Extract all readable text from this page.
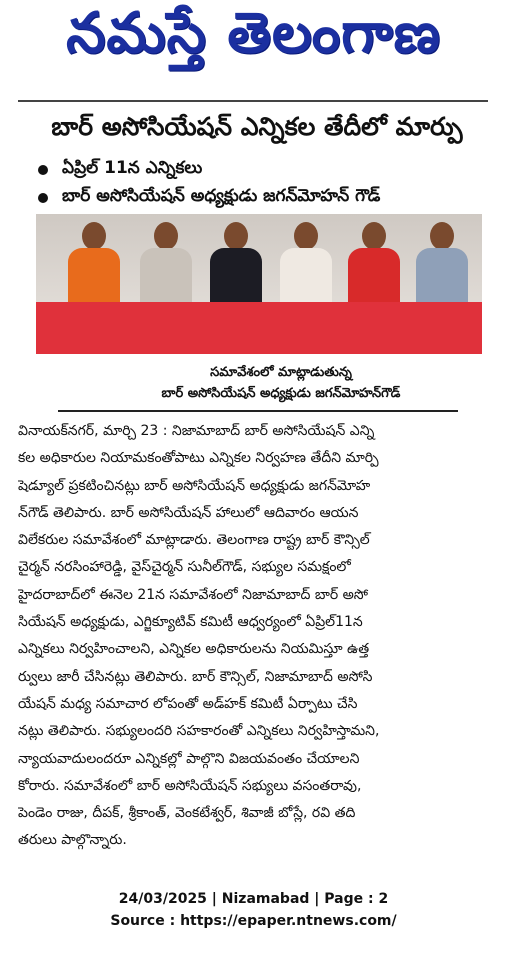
నమస్తే తెలంగాణ
బార్ అసోసియేషన్ ఎన్నికల తేదీలో మార్పు
ఏప్రిల్ 11న ఎన్నికలు
బార్ అసోసియేషన్ అధ్యక్షుడు జగన్‌మోహన్ గౌడ్
సమావేశంలో మాట్లాడుతున్న
బార్ అసోసియేషన్ అధ్యక్షుడు జగన్‌మోహన్‌గౌడ్
వినాయక్‌నగర్, మార్చి 23 : నిజామాబాద్ బార్ అసోసియేషన్ ఎన్ని
కల అధికారుల నియామకంతోపాటు ఎన్నికల నిర్వహణ తేదీని మార్పి
షెడ్యూల్ ప్రకటించినట్లు బార్ అసోసియేషన్ అధ్యక్షుడు జగన్‌మోహ
న్‌గౌడ్ తెలిపారు. బార్ అసోసియేషన్ హాలులో ఆదివారం ఆయన
విలేకరుల సమావేశంలో మాట్లాడారు. తెలంగాణ రాష్ట్ర బార్ కౌన్సిల్
చైర్మన్ నరసింహారెడ్డి, వైస్‌చైర్మన్ సునీల్‌గౌడ్, సభ్యుల సమక్షంలో
హైదరాబాద్‌లో ఈనెల 21న సమావేశంలో నిజామాబాద్ బార్ అసో
సియేషన్ అధ్యక్షుడు, ఎగ్జిక్యూటివ్ కమిటీ ఆధ్వర్యంలో ఏప్రిల్11న
ఎన్నికలు నిర్వహించాలని, ఎన్నికల అధికారులను నియమిస్తూ ఉత్త
ర్వులు జారీ చేసినట్లు తెలిపారు. బార్ కౌన్సిల్, నిజామాబాద్ అసోసి
యేషన్ మధ్య సమాచార లోపంతో అడ్‌హక్ కమిటీ ఏర్పాటు చేసి
నట్లు తెలిపారు. సభ్యులందరి సహకారంతో ఎన్నికలు నిర్వహిస్తామని,
న్యాయవాదులందరూ ఎన్నికల్లో పాల్గొని విజయవంతం చేయాలని
కోరారు. సమావేశంలో బార్ అసోసియేషన్ సభ్యులు వసంతరావు,
పెండెం రాజు, దీపక్, శ్రీకాంత్, వెంకటేశ్వర్, శివాజీ బోస్లే, రవి తది
తరులు పాల్గొన్నారు.
24/03/2025 | Nizamabad | Page : 2
Source : https://epaper.ntnews.com/
